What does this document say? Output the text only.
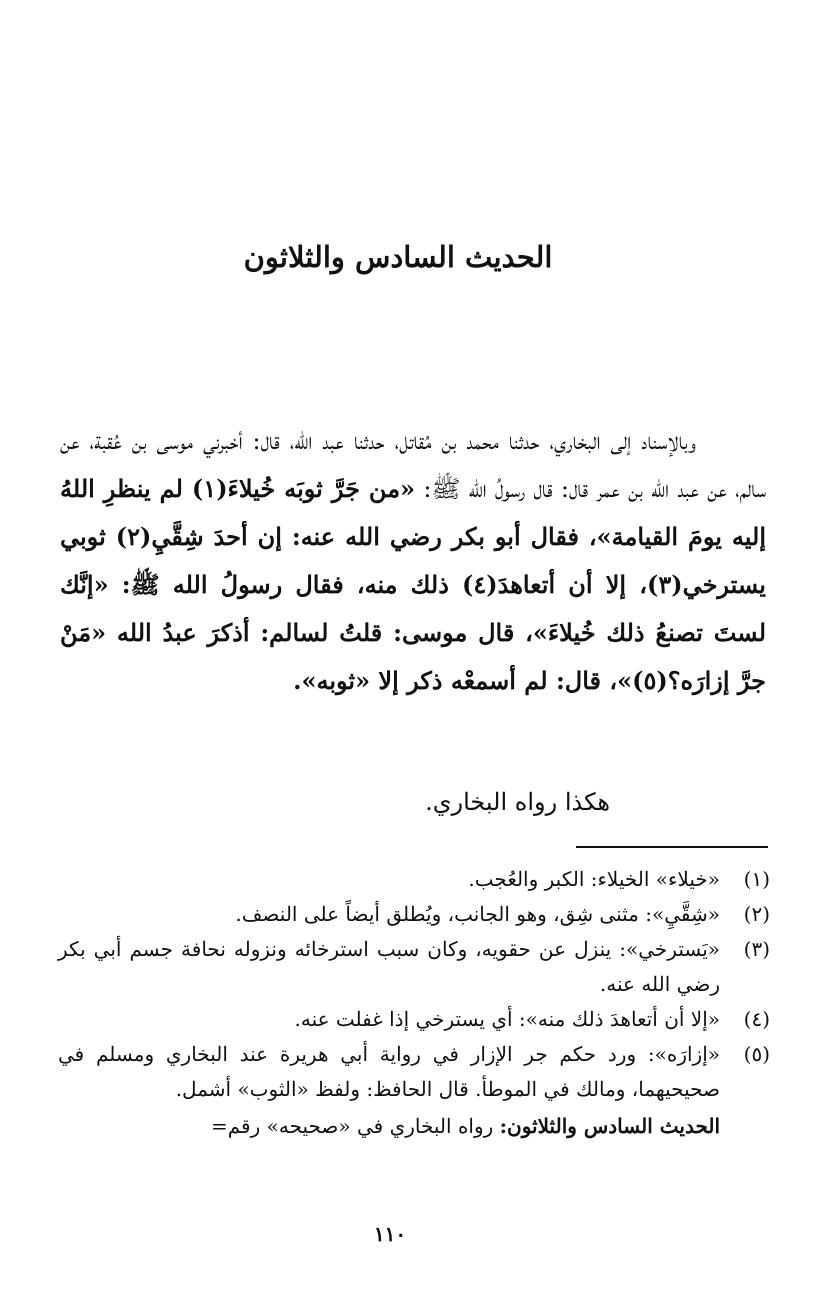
الحديث السادس والثلاثون

وبالإسناد إلى البخاري، حدثنا محمد بن مُقاتل، حدثنا عبد الله، قال: أخبرني موسى بن عُقبة، عن سالم، عن عبد الله بن عمر قال: قال رسولُ الله ﷺ: «من جَرَّ ثوبَه خُيلاءَ(١) لم ينظرِ اللهُ إليه يومَ القيامة»، فقال أبو بكر رضي الله عنه: إن أحدَ شِقَّيِ(٢) ثوبي يسترخي(٣)، إلا أن أتعاهدَ(٤) ذلك منه، فقال رسولُ الله ﷺ: «إنَّك لستَ تصنعُ ذلك خُيلاءَ»، قال موسى: قلتُ لسالم: أذكرَ عبدُ الله «مَنْ جرَّ إزارَه؟(٥)»، قال: لم أسمعْه ذكر إلا «ثوبه».

هكذا رواه البخاري.

(١)«خيلاء» الخيلاء: الكبر والعُجب.

(٢)«شِقَّيِ»: مثنى شِق، وهو الجانب، ويُطلق أيضاً على النصف.

(٣)«يَسترخي»: ينزل عن حقويه، وكان سبب استرخائه ونزوله نحافة جسم أبي بكر رضي الله عنه.

(٤)«إلا أن أتعاهدَ ذلك منه»: أي يسترخي إذا غفلت عنه.

(٥)«إزارَه»: ورد حكم جر الإزار في رواية أبي هريرة عند البخاري ومسلم في صحيحيهما، ومالك في الموطأ. قال الحافظ: ولفظ «الثوب» أشمل.

الحديث السادس والثلاثون: رواه البخاري في «صحيحه» رقم=

١١٠
